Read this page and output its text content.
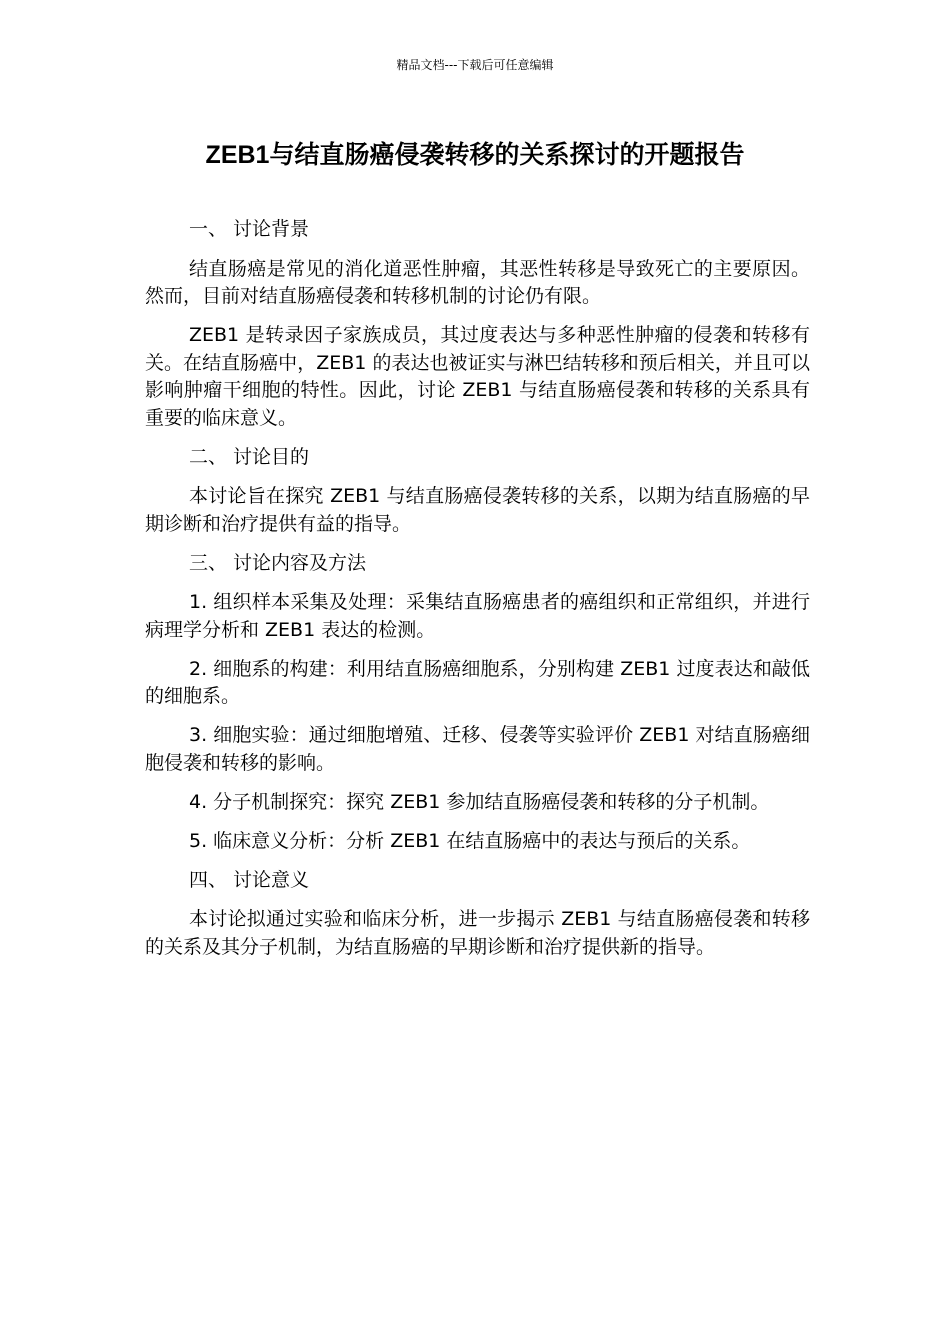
精品文档---下载后可任意编辑
ZEB1与结直肠癌侵袭转移的关系探讨的开题报告

一、 讨论背景

结直肠癌是常见的消化道恶性肿瘤，其恶性转移是导致死亡的主要原因。然而，目前对结直肠癌侵袭和转移机制的讨论仍有限。

ZEB1 是转录因子家族成员，其过度表达与多种恶性肿瘤的侵袭和转移有关。在结直肠癌中，ZEB1 的表达也被证实与淋巴结转移和预后相关，并且可以影响肿瘤干细胞的特性。因此，讨论 ZEB1 与结直肠癌侵袭和转移的关系具有重要的临床意义。

二、 讨论目的

本讨论旨在探究 ZEB1 与结直肠癌侵袭转移的关系，以期为结直肠癌的早期诊断和治疗提供有益的指导。

三、 讨论内容及方法

1. 组织样本采集及处理：采集结直肠癌患者的癌组织和正常组织，并进行病理学分析和 ZEB1 表达的检测。

2. 细胞系的构建：利用结直肠癌细胞系，分别构建 ZEB1 过度表达和敲低的细胞系。

3. 细胞实验：通过细胞增殖、迁移、侵袭等实验评价 ZEB1 对结直肠癌细胞侵袭和转移的影响。

4. 分子机制探究：探究 ZEB1 参加结直肠癌侵袭和转移的分子机制。

5. 临床意义分析：分析 ZEB1 在结直肠癌中的表达与预后的关系。

四、 讨论意义

本讨论拟通过实验和临床分析，进一步揭示 ZEB1 与结直肠癌侵袭和转移的关系及其分子机制，为结直肠癌的早期诊断和治疗提供新的指导。
